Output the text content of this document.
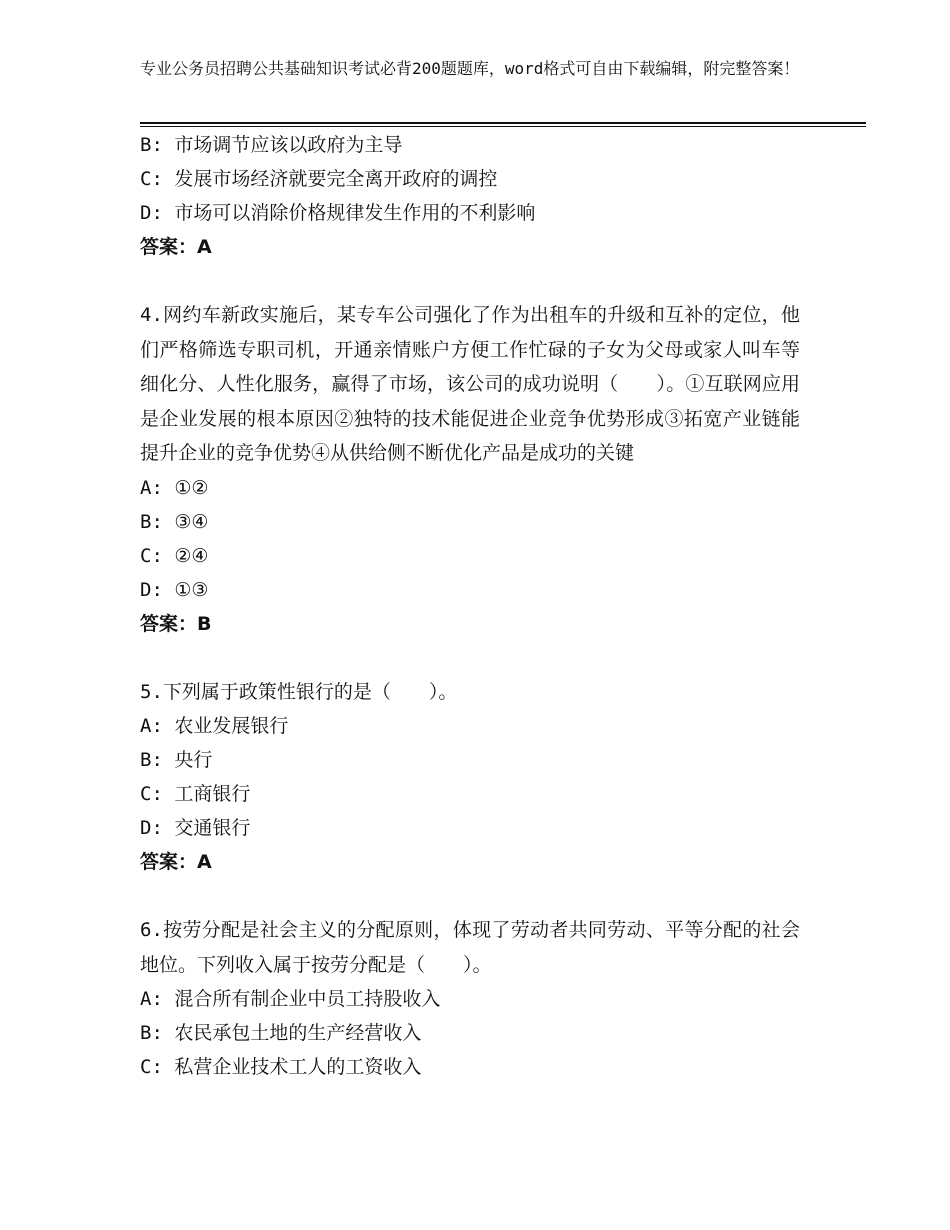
专业公务员招聘公共基础知识考试必背200题题库，word格式可自由下载编辑，附完整答案！

B: 市场调节应该以政府为主导

C: 发展市场经济就要完全离开政府的调控

D: 市场可以消除价格规律发生作用的不利影响

答案：A

4.网约车新政实施后，某专车公司强化了作为出租车的升级和互补的定位，他们严格筛选专职司机，开通亲情账户方便工作忙碌的子女为父母或家人叫车等细化分、人性化服务，赢得了市场，该公司的成功说明（　　）。①互联网应用是企业发展的根本原因②独特的技术能促进企业竞争优势形成③拓宽产业链能提升企业的竞争优势④从供给侧不断优化产品是成功的关键

A: ①②

B: ③④

C: ②④

D: ①③

答案：B

5.下列属于政策性银行的是（　　）。

A: 农业发展银行

B: 央行

C: 工商银行

D: 交通银行

答案：A

6.按劳分配是社会主义的分配原则，体现了劳动者共同劳动、平等分配的社会地位。下列收入属于按劳分配是（　　）。

A: 混合所有制企业中员工持股收入

B: 农民承包土地的生产经营收入

C: 私营企业技术工人的工资收入
